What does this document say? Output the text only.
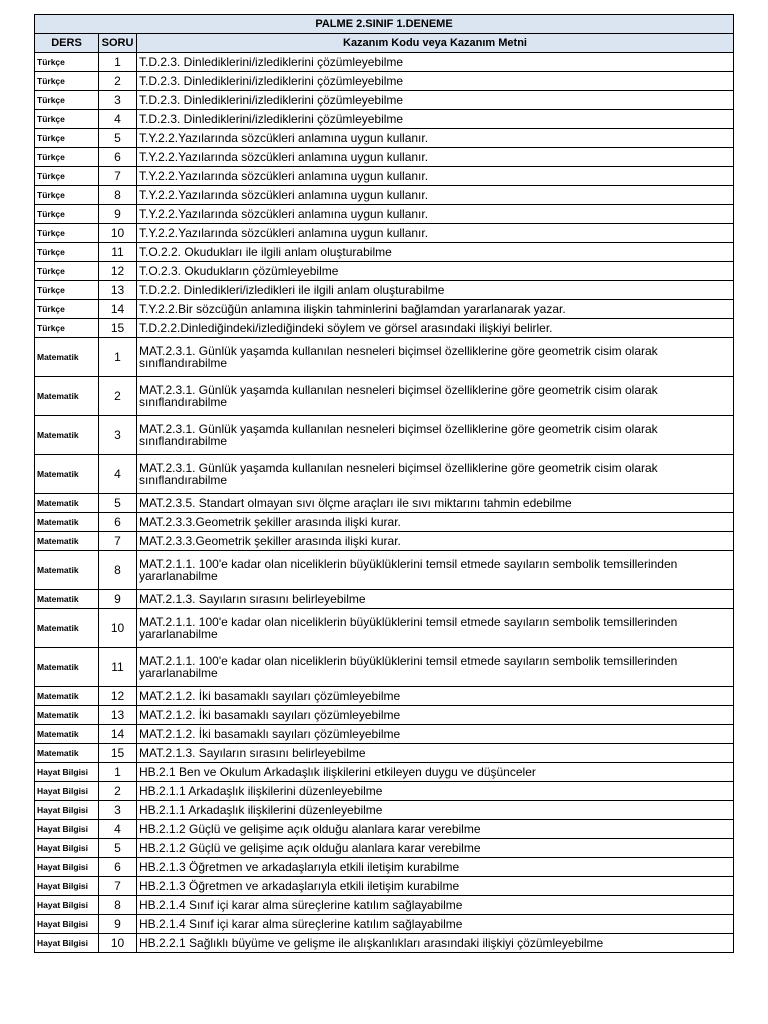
PALME 2.SINIF 1.DENEME		
DERS	SORU	Kazanım Kodu veya Kazanım Metni
Türkçe	1	T.D.2.3. Dinlediklerini/izlediklerini çözümleyebilme
Türkçe	2	T.D.2.3. Dinlediklerini/izlediklerini çözümleyebilme
Türkçe	3	T.D.2.3. Dinlediklerini/izlediklerini çözümleyebilme
Türkçe	4	T.D.2.3. Dinlediklerini/izlediklerini çözümleyebilme
Türkçe	5	T.Y.2.2.Yazılarında sözcükleri anlamına uygun kullanır.
Türkçe	6	T.Y.2.2.Yazılarında sözcükleri anlamına uygun kullanır.
Türkçe	7	T.Y.2.2.Yazılarında sözcükleri anlamına uygun kullanır.
Türkçe	8	T.Y.2.2.Yazılarında sözcükleri anlamına uygun kullanır.
Türkçe	9	T.Y.2.2.Yazılarında sözcükleri anlamına uygun kullanır.
Türkçe	10	T.Y.2.2.Yazılarında sözcükleri anlamına uygun kullanır.
Türkçe	11	T.O.2.2. Okudukları ile ilgili anlam oluşturabilme
Türkçe	12	T.O.2.3. Okudukların çözümleyebilme
Türkçe	13	T.D.2.2. Dinledikleri/izledikleri ile ilgili anlam oluşturabilme
Türkçe	14	T.Y.2.2.Bir sözcüğün anlamına ilişkin tahminlerini bağlamdan yararlanarak yazar.
Türkçe	15	T.D.2.2.Dinlediğindeki/izlediğindeki söylem ve görsel arasındaki ilişkiyi belirler.
Matematik	1	MAT.2.3.1. Günlük yaşamda kullanılan nesneleri biçimsel özelliklerine göre geometrik cisim olarak sınıflandırabilme
Matematik	2	MAT.2.3.1. Günlük yaşamda kullanılan nesneleri biçimsel özelliklerine göre geometrik cisim olarak sınıflandırabilme
Matematik	3	MAT.2.3.1. Günlük yaşamda kullanılan nesneleri biçimsel özelliklerine göre geometrik cisim olarak sınıflandırabilme
Matematik	4	MAT.2.3.1. Günlük yaşamda kullanılan nesneleri biçimsel özelliklerine göre geometrik cisim olarak sınıflandırabilme
Matematik	5	MAT.2.3.5. Standart olmayan sıvı ölçme araçları ile sıvı miktarını tahmin edebilme
Matematik	6	MAT.2.3.3.Geometrik şekiller arasında ilişki kurar.
Matematik	7	MAT.2.3.3.Geometrik şekiller arasında ilişki kurar.
Matematik	8	MAT.2.1.1. 100'e kadar olan niceliklerin büyüklüklerini temsil etmede sayıların sembolik temsillerinden yararlanabilme
Matematik	9	MAT.2.1.3. Sayıların sırasını belirleyebilme
Matematik	10	MAT.2.1.1. 100'e kadar olan niceliklerin büyüklüklerini temsil etmede sayıların sembolik temsillerinden yararlanabilme
Matematik	11	MAT.2.1.1. 100'e kadar olan niceliklerin büyüklüklerini temsil etmede sayıların sembolik temsillerinden yararlanabilme
Matematik	12	MAT.2.1.2. İki basamaklı sayıları çözümleyebilme
Matematik	13	MAT.2.1.2. İki basamaklı sayıları çözümleyebilme
Matematik	14	MAT.2.1.2. İki basamaklı sayıları çözümleyebilme
Matematik	15	MAT.2.1.3. Sayıların sırasını belirleyebilme
Hayat Bilgisi	1	HB.2.1 Ben ve Okulum Arkadaşlık ilişkilerini etkileyen duygu ve düşünceler
Hayat Bilgisi	2	HB.2.1.1 Arkadaşlık ilişkilerini düzenleyebilme
Hayat Bilgisi	3	HB.2.1.1 Arkadaşlık ilişkilerini düzenleyebilme
Hayat Bilgisi	4	HB.2.1.2 Güçlü ve gelişime açık olduğu alanlara karar verebilme
Hayat Bilgisi	5	HB.2.1.2 Güçlü ve gelişime açık olduğu alanlara karar verebilme
Hayat Bilgisi	6	HB.2.1.3 Öğretmen ve arkadaşlarıyla etkili iletişim kurabilme
Hayat Bilgisi	7	HB.2.1.3 Öğretmen ve arkadaşlarıyla etkili iletişim kurabilme
Hayat Bilgisi	8	HB.2.1.4 Sınıf içi karar alma süreçlerine katılım sağlayabilme
Hayat Bilgisi	9	HB.2.1.4 Sınıf içi karar alma süreçlerine katılım sağlayabilme
Hayat Bilgisi	10	HB.2.2.1 Sağlıklı büyüme ve gelişme ile alışkanlıkları arasındaki ilişkiyi çözümleyebilme
